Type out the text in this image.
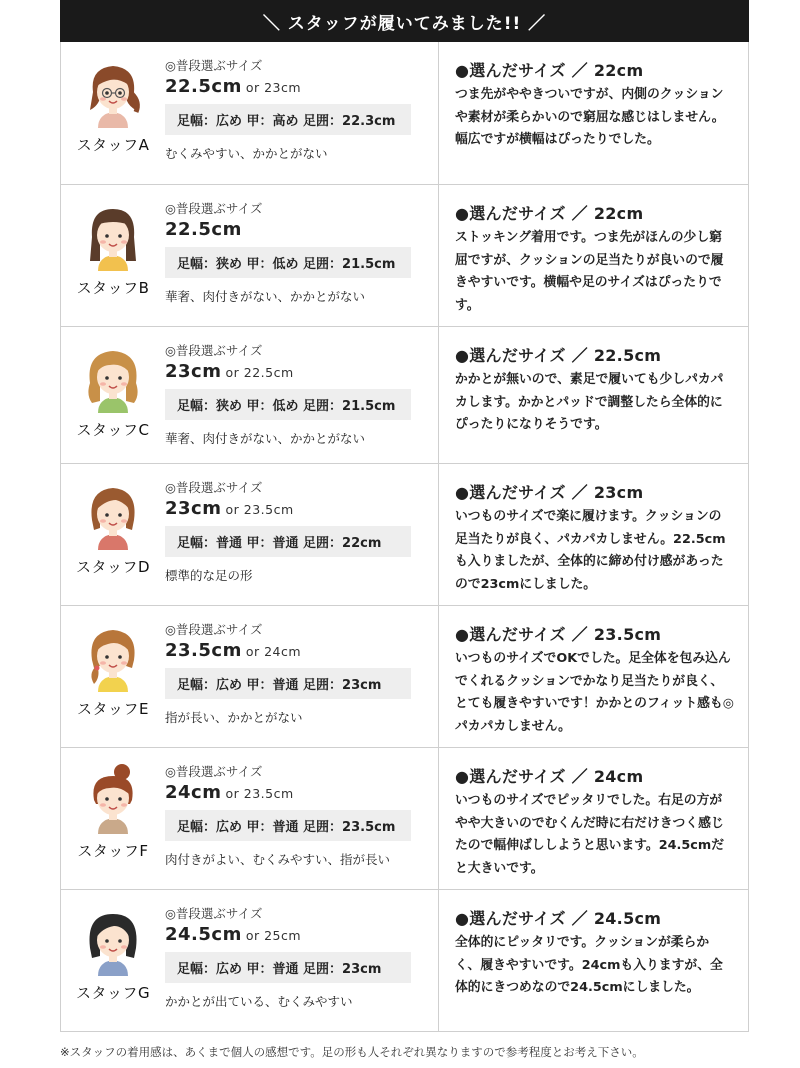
＼ スタッフが履いてみました!! ／
スタッフA
◎普段選ぶサイズ
22.5cm or 23cm
足幅：広め 甲：高め 足囲：22.3cm
むくみやすい、かかとがない
●選んだサイズ ／ 22cm
つま先がややきついですが、内側のクッションや素材が柔らかいので窮屈な感じはしません。幅広ですが横幅はぴったりでした。
スタッフB
◎普段選ぶサイズ
22.5cm
足幅：狭め 甲：低め 足囲：21.5cm
華奢、肉付きがない、かかとがない
●選んだサイズ ／ 22cm
ストッキング着用です。つま先がほんの少し窮屈ですが、クッションの足当たりが良いので履きやすいです。横幅や足のサイズはぴったりです。
スタッフC
◎普段選ぶサイズ
23cm or 22.5cm
足幅：狭め 甲：低め 足囲：21.5cm
華奢、肉付きがない、かかとがない
●選んだサイズ ／ 22.5cm
かかとが無いので、素足で履いても少しパカパカします。かかとパッドで調整したら全体的にぴったりになりそうです。
スタッフD
◎普段選ぶサイズ
23cm or 23.5cm
足幅：普通 甲：普通 足囲：22cm
標準的な足の形
●選んだサイズ ／ 23cm
いつものサイズで楽に履けます。クッションの足当たりが良く、パカパカしません。22.5cmも入りましたが、全体的に締め付け感があったので23cmにしました。
スタッフE
◎普段選ぶサイズ
23.5cm or 24cm
足幅：広め 甲：普通 足囲：23cm
指が長い、かかとがない
●選んだサイズ ／ 23.5cm
いつものサイズでOKでした。足全体を包み込んでくれるクッションでかなり足当たりが良く、とても履きやすいです！かかとのフィット感も◎パカパカしません。
スタッフF
◎普段選ぶサイズ
24cm or 23.5cm
足幅：広め 甲：普通 足囲：23.5cm
肉付きがよい、むくみやすい、指が長い
●選んだサイズ ／ 24cm
いつものサイズでピッタリでした。右足の方がやや大きいのでむくんだ時に右だけきつく感じたので幅伸ばししようと思います。24.5cmだと大きいです。
スタッフG
◎普段選ぶサイズ
24.5cm or 25cm
足幅：広め 甲：普通 足囲：23cm
かかとが出ている、むくみやすい
●選んだサイズ ／ 24.5cm
全体的にピッタリです。クッションが柔らかく、履きやすいです。24cmも入りますが、全体的にきつめなので24.5cmにしました。
※スタッフの着用感は、あくまで個人の感想です。足の形も人それぞれ異なりますので参考程度とお考え下さい。
